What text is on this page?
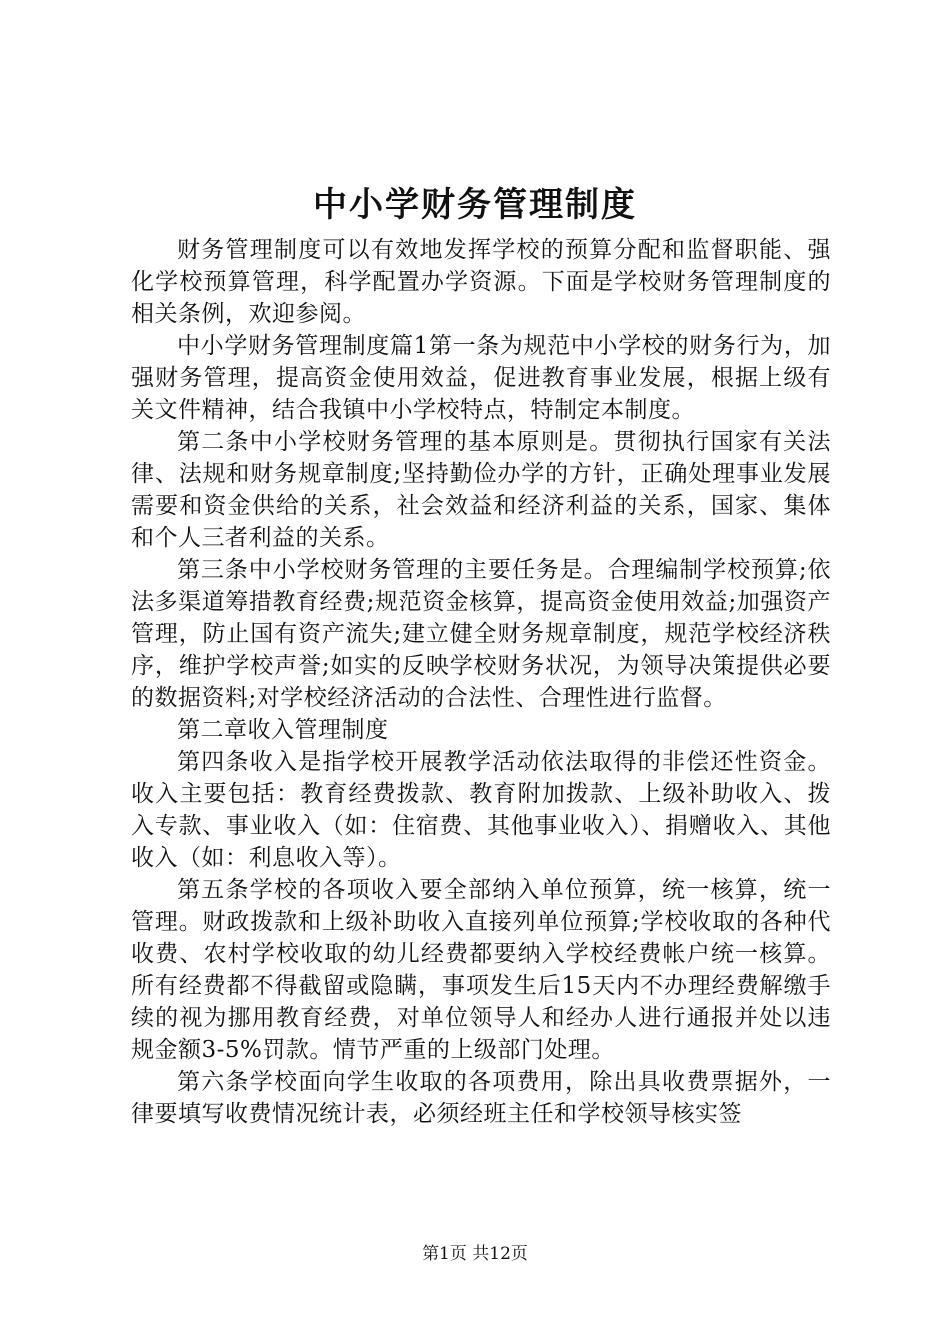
中小学财务管理制度

财务管理制度可以有效地发挥学校的预算分配和监督职能、强化学校预算管理，科学配置办学资源。下面是学校财务管理制度的相关条例，欢迎参阅。

中小学财务管理制度篇1第一条为规范中小学校的财务行为，加强财务管理，提高资金使用效益，促进教育事业发展，根据上级有关文件精神，结合我镇中小学校特点，特制定本制度。

第二条中小学校财务管理的基本原则是。贯彻执行国家有关法律、法规和财务规章制度;坚持勤俭办学的方针，正确处理事业发展需要和资金供给的关系，社会效益和经济利益的关系，国家、集体和个人三者利益的关系。

第三条中小学校财务管理的主要任务是。合理编制学校预算;依法多渠道筹措教育经费;规范资金核算，提高资金使用效益;加强资产管理，防止国有资产流失;建立健全财务规章制度，规范学校经济秩序，维护学校声誉;如实的反映学校财务状况，为领导决策提供必要的数据资料;对学校经济活动的合法性、合理性进行监督。

第二章收入管理制度

第四条收入是指学校开展教学活动依法取得的非偿还性资金。收入主要包括：教育经费拨款、教育附加拨款、上级补助收入、拨入专款、事业收入（如：住宿费、其他事业收入）、捐赠收入、其他收入（如：利息收入等）。

第五条学校的各项收入要全部纳入单位预算，统一核算，统一管理。财政拨款和上级补助收入直接列单位预算;学校收取的各种代收费、农村学校收取的幼儿经费都要纳入学校经费帐户统一核算。所有经费都不得截留或隐瞒，事项发生后15天内不办理经费解缴手续的视为挪用教育经费，对单位领导人和经办人进行通报并处以违规金额3-5%罚款。情节严重的上级部门处理。

第六条学校面向学生收取的各项费用，除出具收费票据外，一律要填写收费情况统计表，必须经班主任和学校领导核实签

第1页 共12页
